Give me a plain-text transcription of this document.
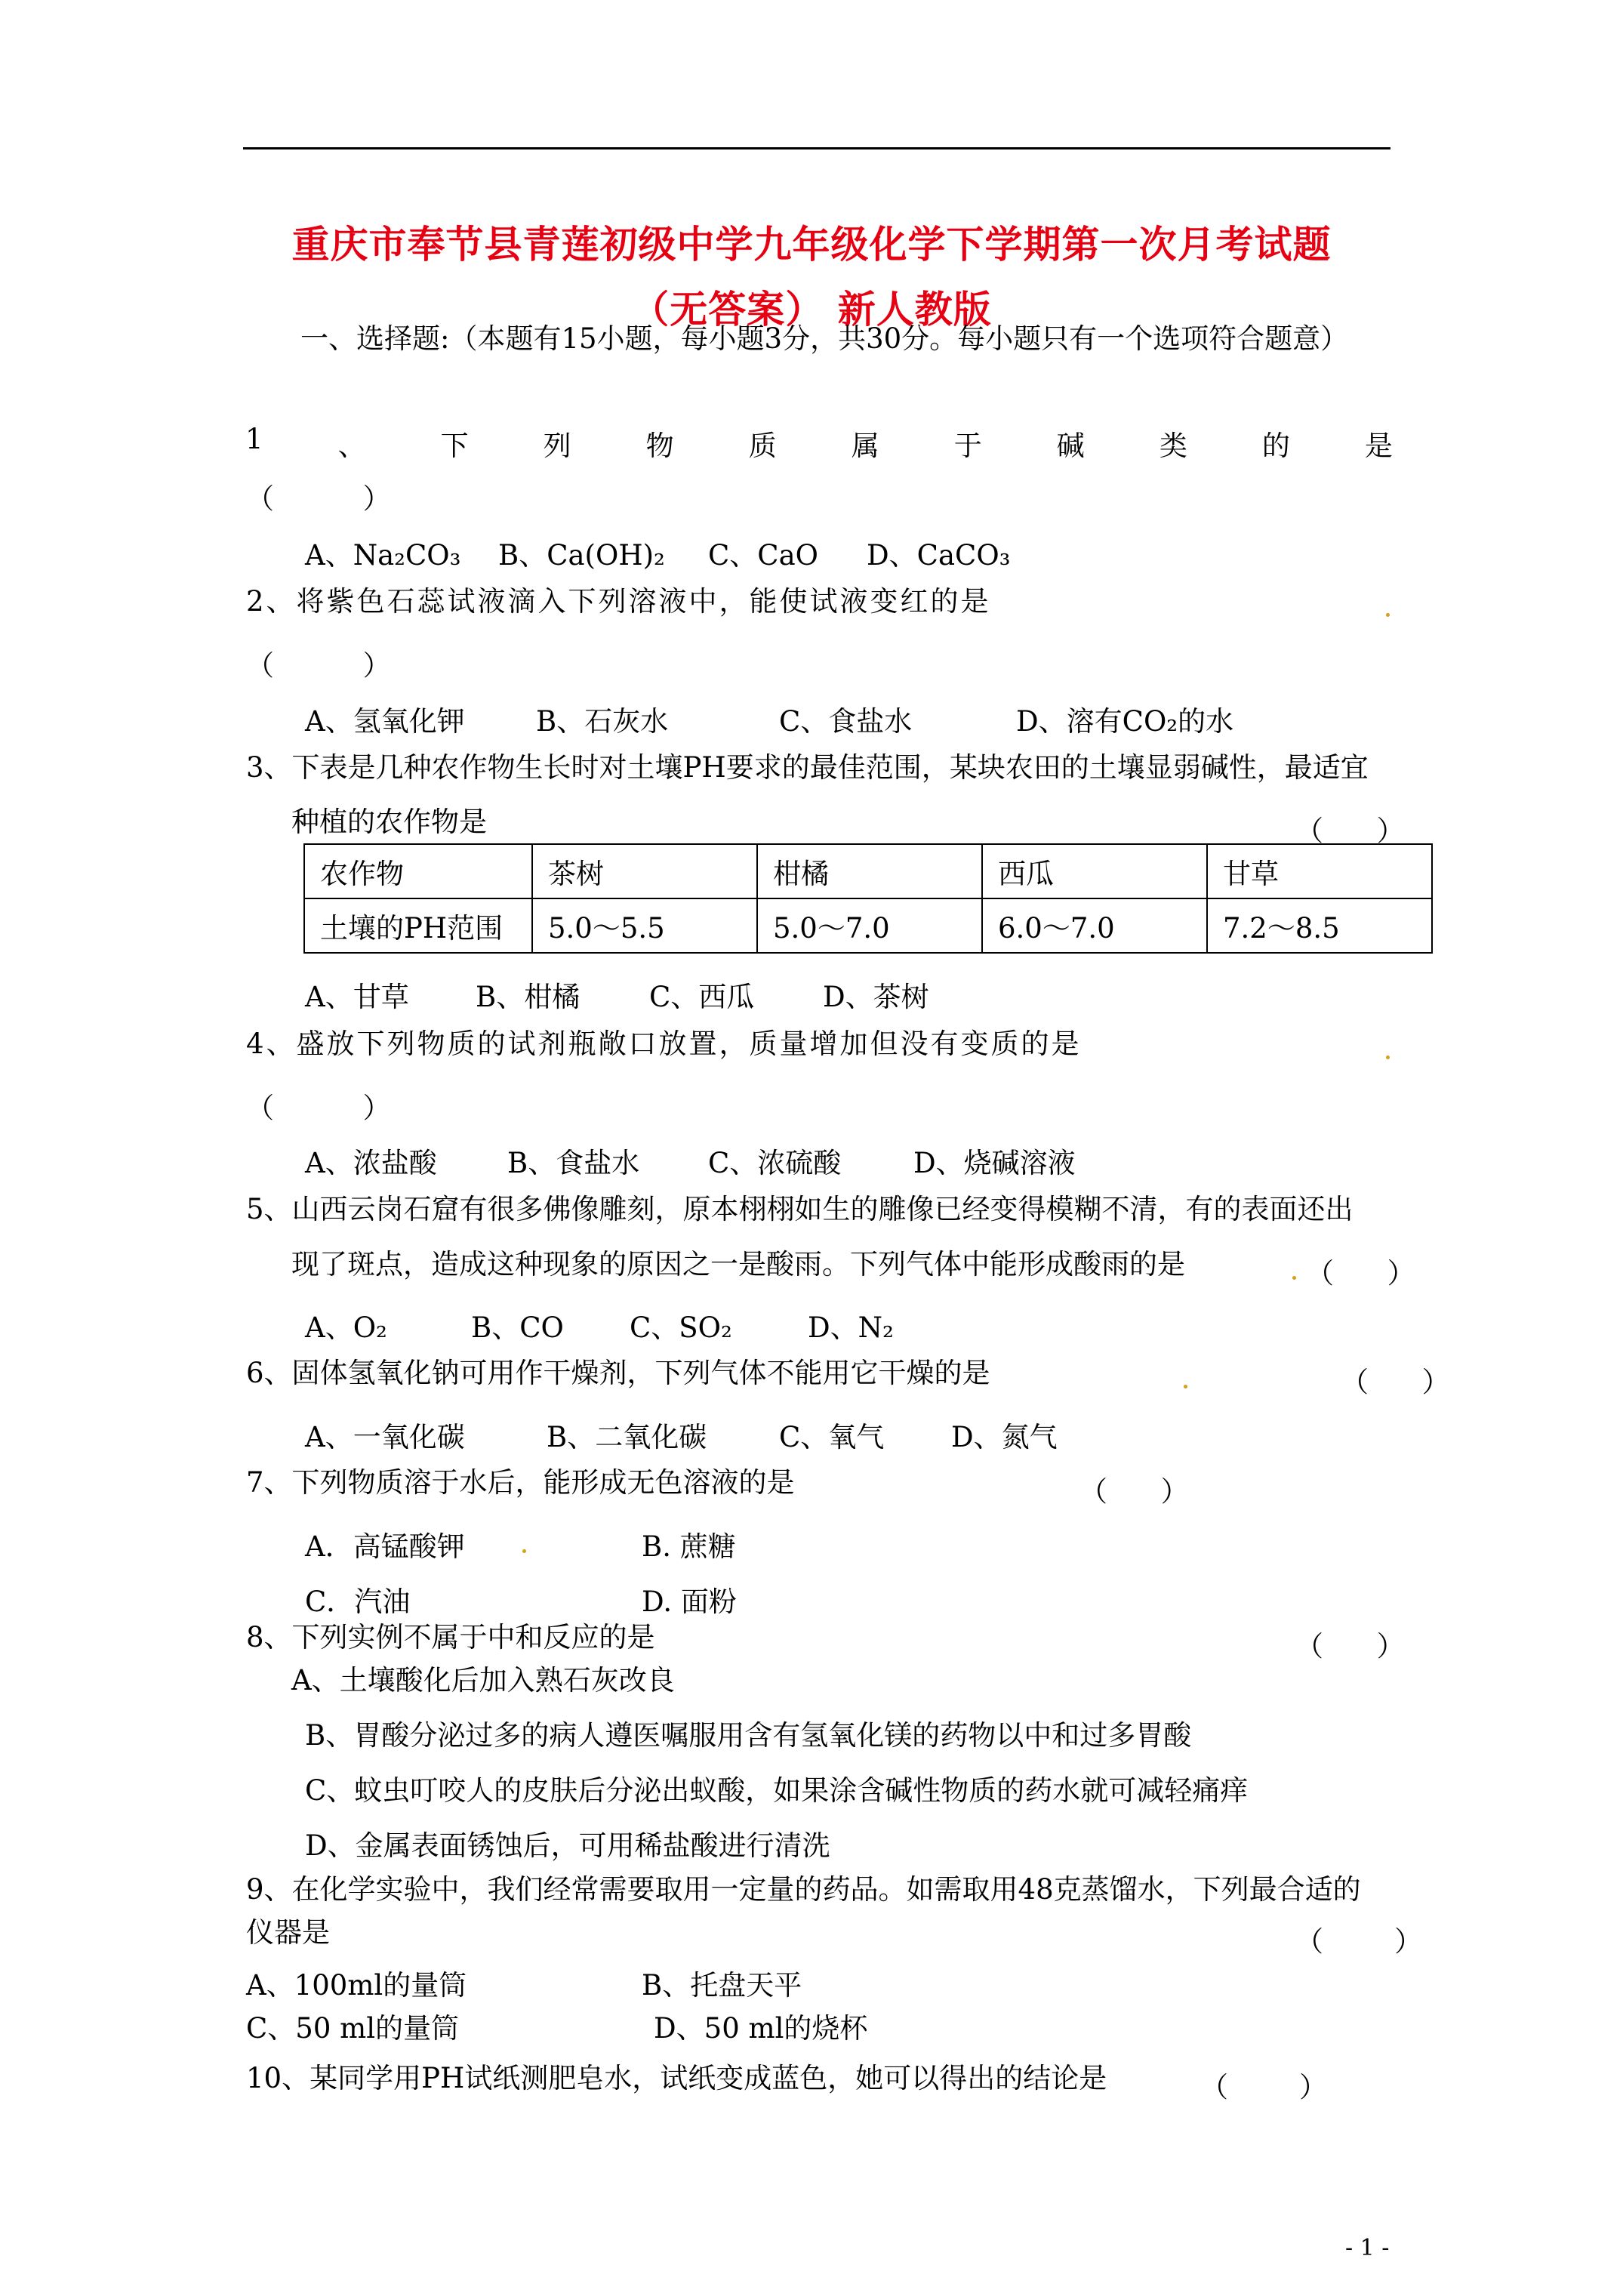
重庆市奉节县青莲初级中学九年级化学下学期第一次月考试题
（无答案） 新人教版
一、选择题:（本题有15小题，每小题3分，共30分。每小题只有一个选项符合题意）
1	、	下	列	物	质	属	于	碱	类	的	是
（          ）
A、Na₂CO₃ B、Ca(OH)₂ C、CaO D、CaCO₃
2、将紫色石蕊试液滴入下列溶液中，能使试液变红的是
（          ）
A、氢氧化钾	B、石灰水	C、食盐水	D、溶有CO₂的水
3、下表是几种农作物生长时对土壤PH要求的最佳范围，某块农田的土壤显弱碱性，最适宜
种植的农作物是	（      ）
农作物	茶树	柑橘	西瓜	甘草
土壤的PH范围	5.0～5.5	5.0～7.0	6.0～7.0	7.2～8.5
A、甘草 B、柑橘 C、西瓜 D、茶树
4、盛放下列物质的试剂瓶敞口放置，质量增加但没有变质的是
（          ）
A、浓盐酸	B、食盐水 C、浓硫酸	D、烧碱溶液
5、山西云岗石窟有很多佛像雕刻，原本栩栩如生的雕像已经变得模糊不清，有的表面还出
现了斑点，造成这种现象的原因之一是酸雨。下列气体中能形成酸雨的是	（      ）
A、O₂	B、CO C、SO₂	D、N₂
6、固体氢氧化钠可用作干燥剂，下列气体不能用它干燥的是	（      ）
A、一氧化碳	B、二氧化碳	C、氧气 D、氮气
7、下列物质溶于水后，能形成无色溶液的是	（      ）
A．高锰酸钾	B. 蔗糖
C．汽油	D. 面粉
8、下列实例不属于中和反应的是	（      ）
A、土壤酸化后加入熟石灰改良
B、胃酸分泌过多的病人遵医嘱服用含有氢氧化镁的药物以中和过多胃酸
C、蚊虫叮咬人的皮肤后分泌出蚁酸，如果涂含碱性物质的药水就可减轻痛痒
D、金属表面锈蚀后，可用稀盐酸进行清洗
9、在化学实验中，我们经常需要取用一定量的药品。如需取用48克蒸馏水，下列最合适的
仪器是	（        ）
A、100ml的量筒	B、托盘天平
C、50 ml的量筒	D、50 ml的烧杯
10、某同学用PH试纸测肥皂水，试纸变成蓝色，她可以得出的结论是	（        ）
- 1 -
